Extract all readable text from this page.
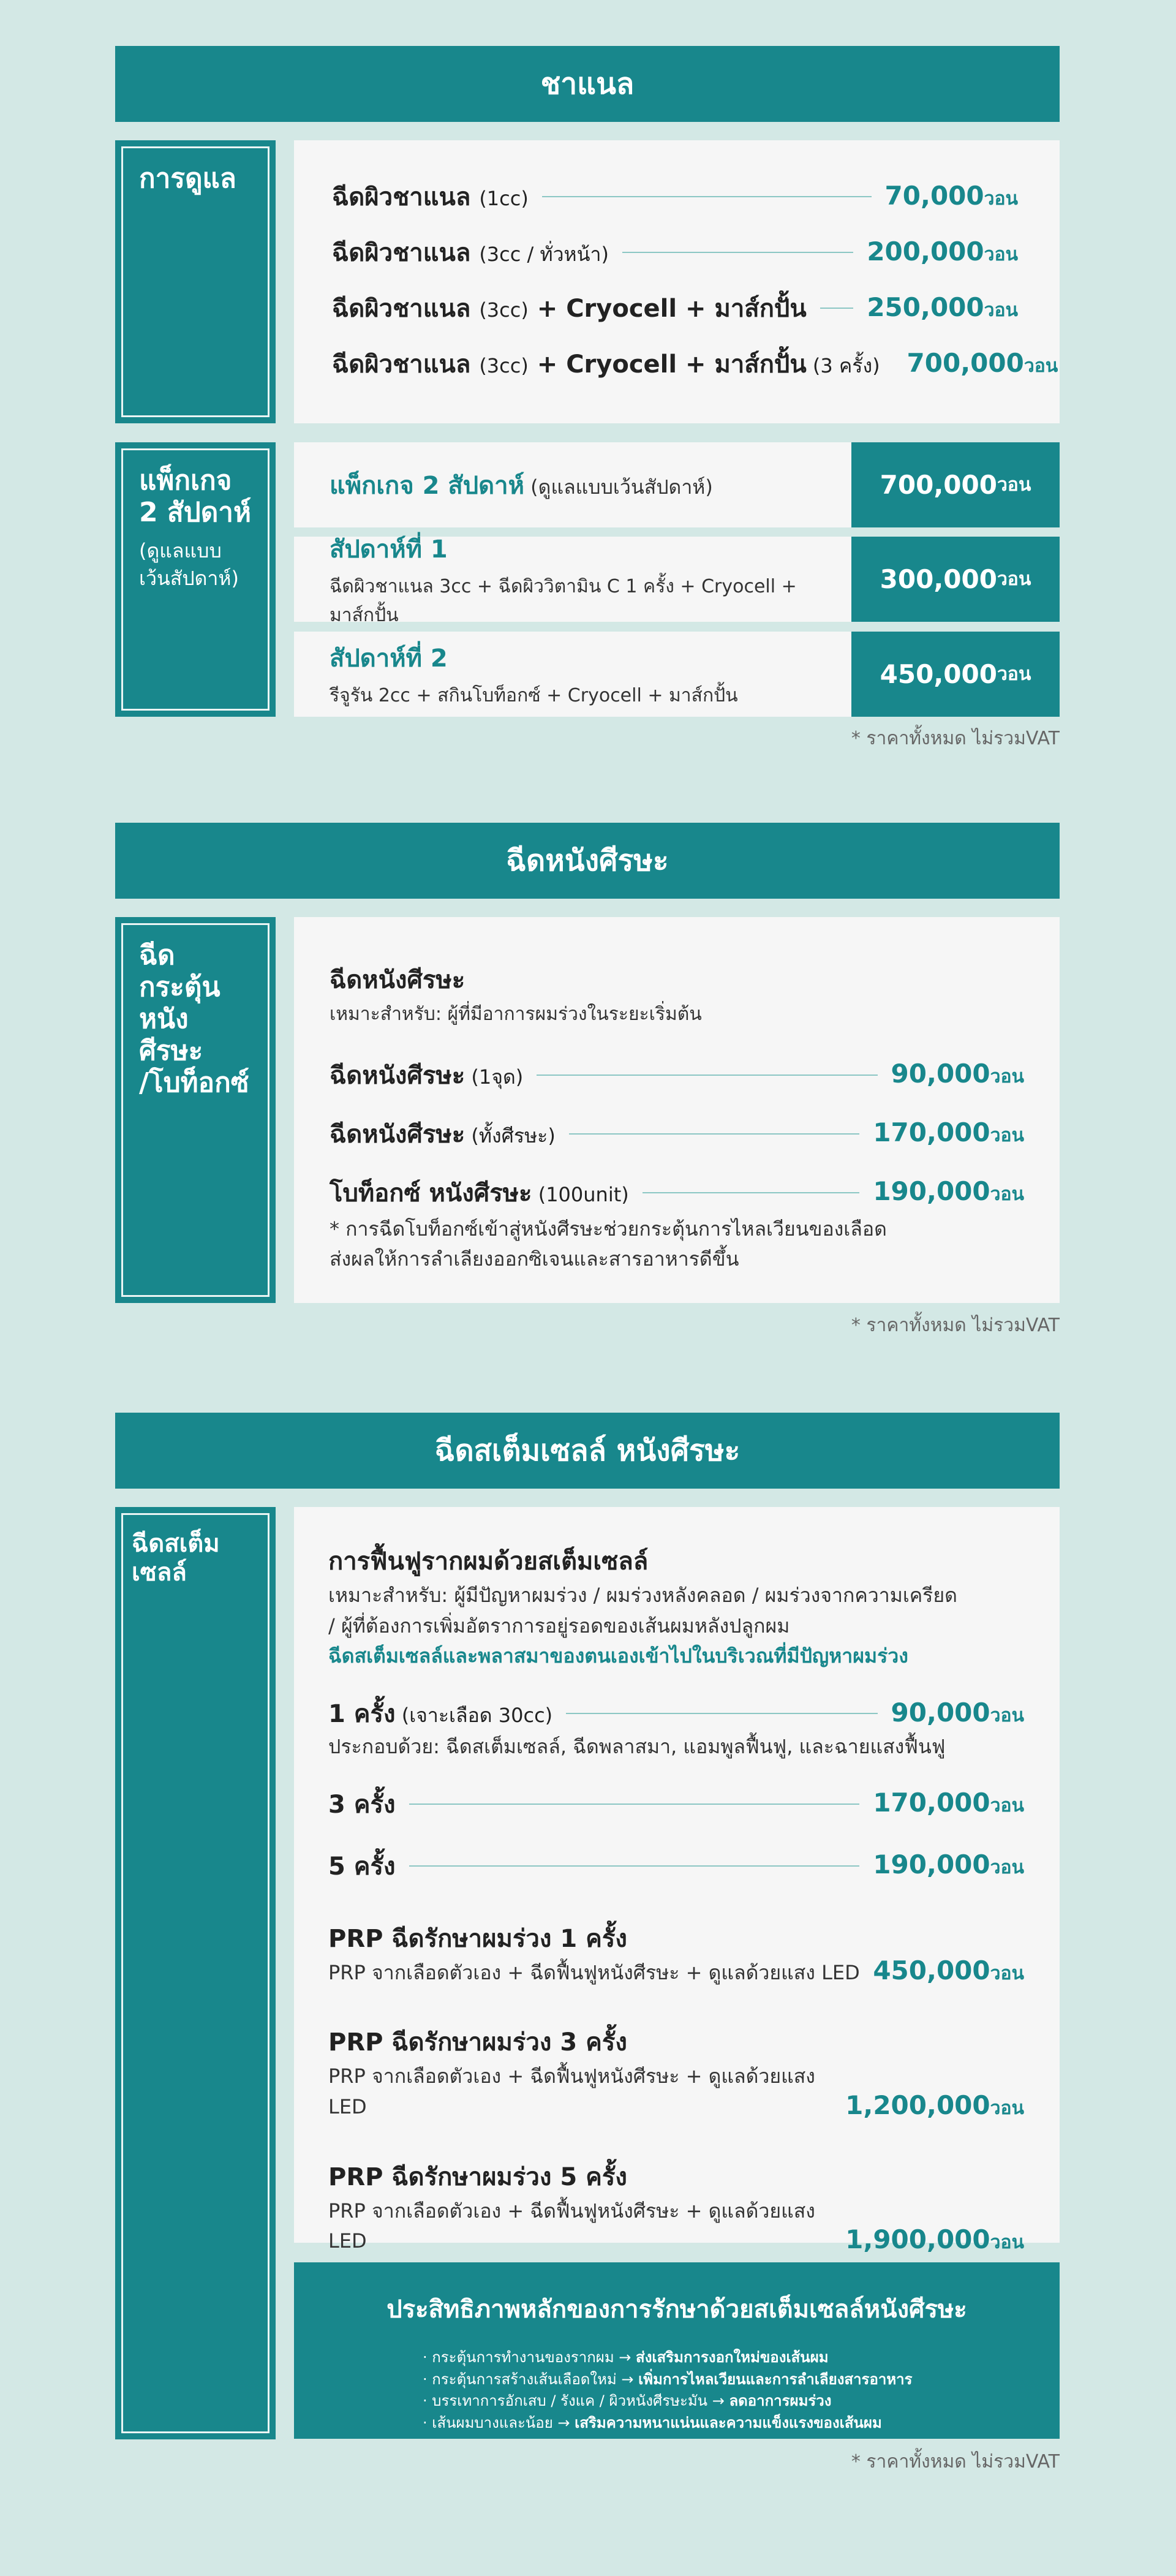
ชาแนล
การดูแล
ฉีดผิวชาแนล (1cc)	70,000วอน
ฉีดผิวชาแนล (3cc / ทั่วหน้า)	200,000วอน
ฉีดผิวชาแนล (3cc) + Cryocell + มาส์กปั้น 250,000วอน
ฉีดผิวชาแนล (3cc) + Cryocell + มาส์กปั้น (3 ครั้ง) 700,000วอน
แพ็กเกจ
2 สัปดาห์
(ดูแลแบบ
เว้นสัปดาห์)
แพ็กเกจ 2 สัปดาห์ (ดูแลแบบเว้นสัปดาห์)	700,000 วอน
สัปดาห์ที่ 1
ฉีดผิวชาแนล 3cc + ฉีดผิววิตามิน C 1 ครั้ง + Cryocell + มาส์กปั้น
300,000 วอน
สัปดาห์ที่ 2
รีจูรัน 2cc + สกินโบท็อกซ์ + Cryocell + มาส์กปั้น
450,000 วอน
* ราคาทั้งหมด ไม่รวมVAT
ฉีดหนังศีรษะ
ฉีดกระตุ้น
หนังศีรษะ
/โบท็อกซ์
ฉีดหนังศีรษะ
เหมาะสำหรับ: ผู้ที่มีอาการผมร่วงในระยะเริ่มต้น
ฉีดหนังศีรษะ (1จุด)	90,000วอน
ฉีดหนังศีรษะ (ทั้งศีรษะ)	170,000วอน
โบท็อกซ์ หนังศีรษะ (100unit)	190,000วอน
* การฉีดโบท็อกซ์เข้าสู่หนังศีรษะช่วยกระตุ้นการไหลเวียนของเลือด
ส่งผลให้การลำเลียงออกซิเจนและสารอาหารดีขึ้น
* ราคาทั้งหมด ไม่รวมVAT
ฉีดสเต็มเซลล์ หนังศีรษะ
ฉีดสเต็มเซลล์	การฟื้นฟูรากผมด้วยสเต็มเซลล์
เหมาะสำหรับ: ผู้มีปัญหาผมร่วง / ผมร่วงหลังคลอด / ผมร่วงจากความเครียด
/ ผู้ที่ต้องการเพิ่มอัตราการอยู่รอดของเส้นผมหลังปลูกผม
ฉีดสเต็มเซลล์และพลาสมาของตนเองเข้าไปในบริเวณที่มีปัญหาผมร่วง
1 ครั้ง (เจาะเลือด 30cc)	90,000วอน
ประกอบด้วย: ฉีดสเต็มเซลล์, ฉีดพลาสมา, แอมพูลฟื้นฟู, และฉายแสงฟื้นฟู
3 ครั้ง	170,000วอน
5 ครั้ง	190,000วอน
PRP ฉีดรักษาผมร่วง 1 ครั้ง
PRP จากเลือดตัวเอง + ฉีดฟื้นฟูหนังศีรษะ + ดูแลด้วยแสง LED 450,000วอน
PRP ฉีดรักษาผมร่วง 3 ครั้ง
PRP จากเลือดตัวเอง + ฉีดฟื้นฟูหนังศีรษะ + ดูแลด้วยแสง LED	1,200,000วอน
PRP ฉีดรักษาผมร่วง 5 ครั้ง
PRP จากเลือดตัวเอง + ฉีดฟื้นฟูหนังศีรษะ + ดูแลด้วยแสง LED	1,900,000วอน
ประสิทธิภาพหลักของการรักษาด้วยสเต็มเซลล์หนังศีรษะ
· กระตุ้นการทำงานของรากผม → ส่งเสริมการงอกใหม่ของเส้นผม
· กระตุ้นการสร้างเส้นเลือดใหม่ → เพิ่มการไหลเวียนและการลำเลียงสารอาหาร
· บรรเทาการอักเสบ / รังแค / ผิวหนังศีรษะมัน → ลดอาการผมร่วง
· เส้นผมบางและน้อย → เสริมความหนาแน่นและความแข็งแรงของเส้นผม
* ราคาทั้งหมด ไม่รวมVAT
